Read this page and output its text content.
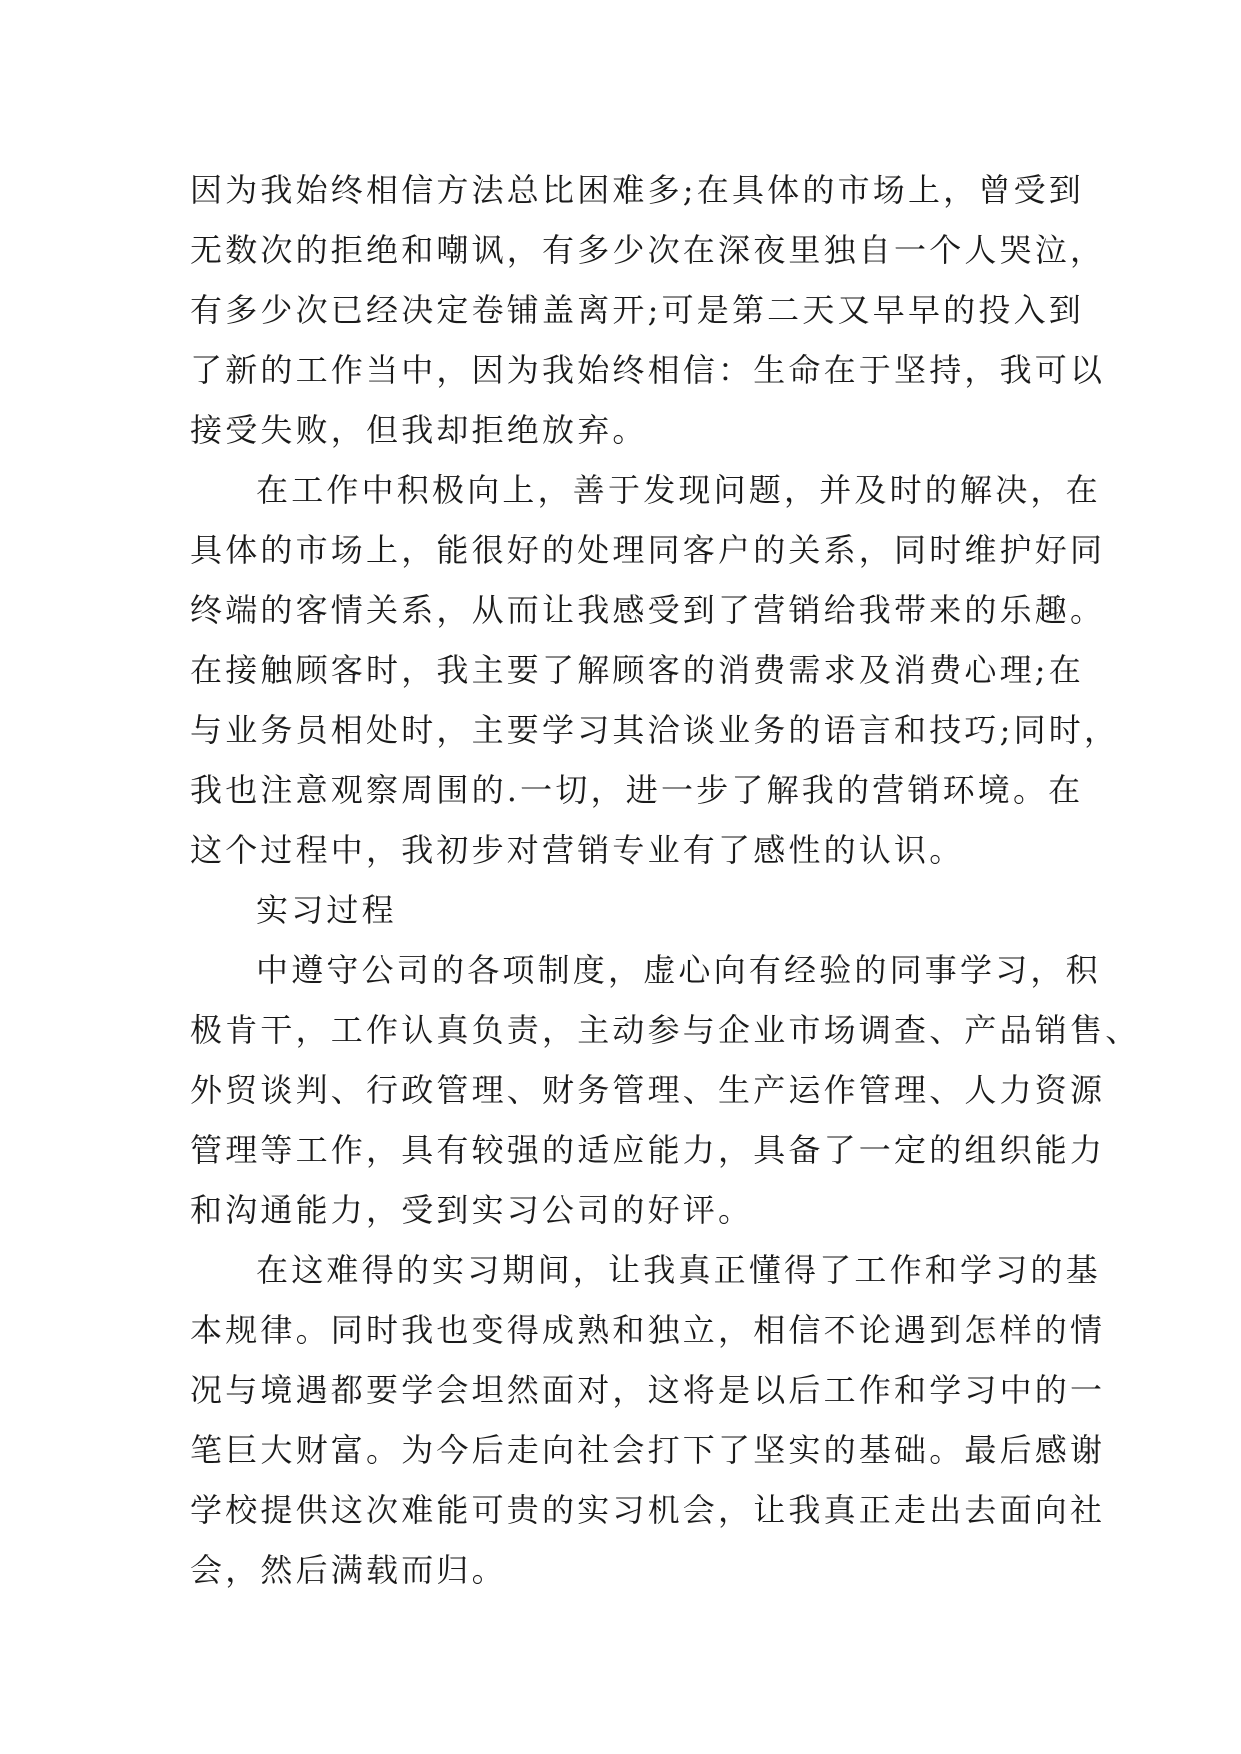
因为我始终相信方法总比困难多;在具体的市场上，曾受到
无数次的拒绝和嘲讽，有多少次在深夜里独自一个人哭泣，
有多少次已经决定卷铺盖离开;可是第二天又早早的投入到
了新的工作当中，因为我始终相信：生命在于坚持，我可以
接受失败，但我却拒绝放弃。
在工作中积极向上，善于发现问题，并及时的解决，在
具体的市场上，能很好的处理同客户的关系，同时维护好同
终端的客情关系，从而让我感受到了营销给我带来的乐趣。
在接触顾客时，我主要了解顾客的消费需求及消费心理;在
与业务员相处时，主要学习其洽谈业务的语言和技巧;同时，
我也注意观察周围的.一切，进一步了解我的营销环境。在
这个过程中，我初步对营销专业有了感性的认识。
实习过程
中遵守公司的各项制度，虚心向有经验的同事学习，积
极肯干，工作认真负责，主动参与企业市场调查、产品销售、
外贸谈判、行政管理、财务管理、生产运作管理、人力资源
管理等工作，具有较强的适应能力，具备了一定的组织能力
和沟通能力，受到实习公司的好评。
在这难得的实习期间，让我真正懂得了工作和学习的基
本规律。同时我也变得成熟和独立，相信不论遇到怎样的情
况与境遇都要学会坦然面对，这将是以后工作和学习中的一
笔巨大财富。为今后走向社会打下了坚实的基础。最后感谢
学校提供这次难能可贵的实习机会，让我真正走出去面向社
会，然后满载而归。
